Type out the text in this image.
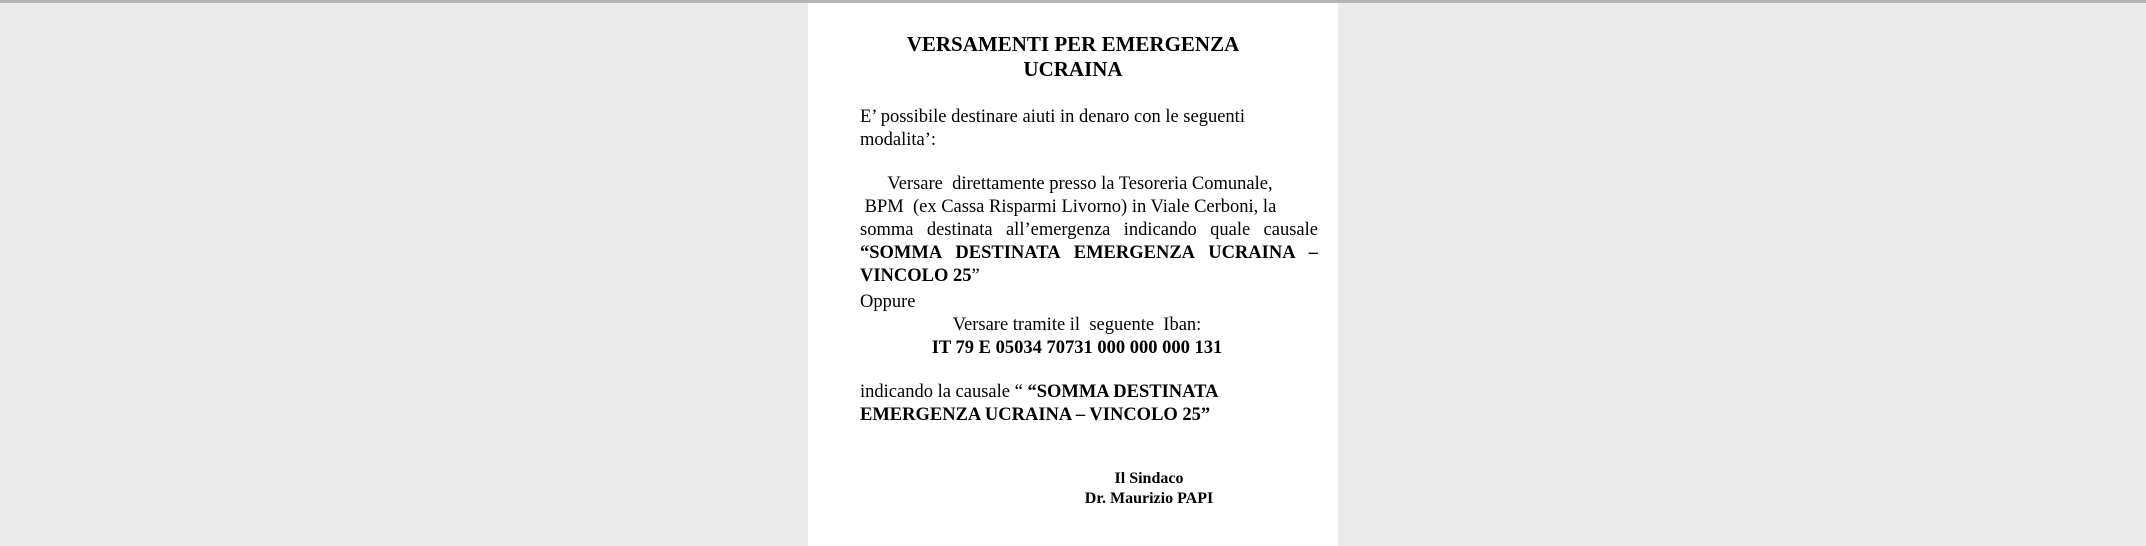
VERSAMENTI PER EMERGENZA
UCRAINA

E’ possibile destinare aiuti in denaro con le seguenti
modalita’:

Versare  direttamente presso la Tesoreria Comunale,
BPM  (ex Cassa Risparmi Livorno) in Viale Cerboni, la
somma destinata all’emergenza indicando quale causale
“SOMMA DESTINATA EMERGENZA UCRAINA –
VINCOLO 25”

Oppure

Versare tramite il  seguente  Iban:
IT 79 E 05034 70731 000 000 000 131

indicando la causale “ “SOMMA DESTINATA
EMERGENZA UCRAINA – VINCOLO 25”

Il Sindaco
Dr. Maurizio PAPI
